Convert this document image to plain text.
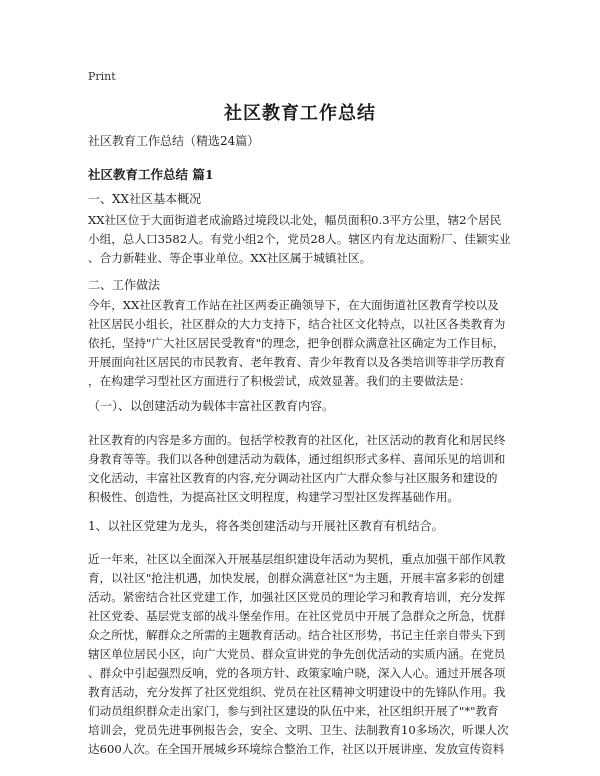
Print
社区教育工作总结
社区教育工作总结（精选24篇）
社区教育工作总结 篇1
一、XX社区基本概况
XX社区位于大面街道老成渝路过境段以北处，幅员面积0.3平方公里，辖2个居民
小组，总人口3582人。有党小组2个，党员28人。辖区内有龙达面粉厂、佳颖实业
、合力新鞋业、等企事业单位。XX社区属于城镇社区。
二、工作做法
今年，XX社区教育工作站在社区两委正确领导下，在大面街道社区教育学校以及
社区居民小组长，社区群众的大力支持下，结合社区文化特点，以社区各类教育为
依托，坚持"广大社区居民受教育"的理念，把争创群众满意社区确定为工作目标，
开展面向社区居民的市民教育、老年教育、青少年教育以及各类培训等非学历教育
，在构建学习型社区方面进行了积极尝试，成效显著。我们的主要做法是：
（一）、以创建活动为载体丰富社区教育内容。
社区教育的内容是多方面的。包括学校教育的社区化，社区活动的教育化和居民终
身教育等等。我们以各种创建活动为载体，通过组织形式多样、喜闻乐见的培训和
文化活动，丰富社区教育的内容,充分调动社区内广大群众参与社区服务和建设的
积极性、创造性，为提高社区文明程度，构建学习型社区发挥基础作用。
1、以社区党建为龙头，将各类创建活动与开展社区教育有机结合。
近一年来，社区以全面深入开展基层组织建设年活动为契机，重点加强干部作风教
育，以社区"抢注机遇，加快发展，创群众满意社区"为主题，开展丰富多彩的创建
活动。紧密结合社区党建工作，加强社区区党员的理论学习和教育培训，充分发挥
社区党委、基层党支部的战斗堡垒作用。在社区党员中开展了急群众之所急，忧群
众之所忧，解群众之所需的主题教育活动。结合社区形势，书记主任亲自带头下到
辖区单位居民小区，向广大党员、群众宣讲党的争先创优活动的实质内涵。在党员
、群众中引起强烈反响，党的各项方针、政策家喻户晓，深入人心。通过开展各项
教育活动，充分发挥了社区党组织、党员在社区精神文明建设中的先锋队作用。我
们动员组织群众走出家门，参与到社区建设的队伍中来，社区组织开展了"*"教育
培训会，党员先进事例报告会，安全、文明、卫生、法制教育10多场次，听课人次
达600人次。在全国开展城乡环境综合整治工作，社区以开展讲座、发放宣传资料
